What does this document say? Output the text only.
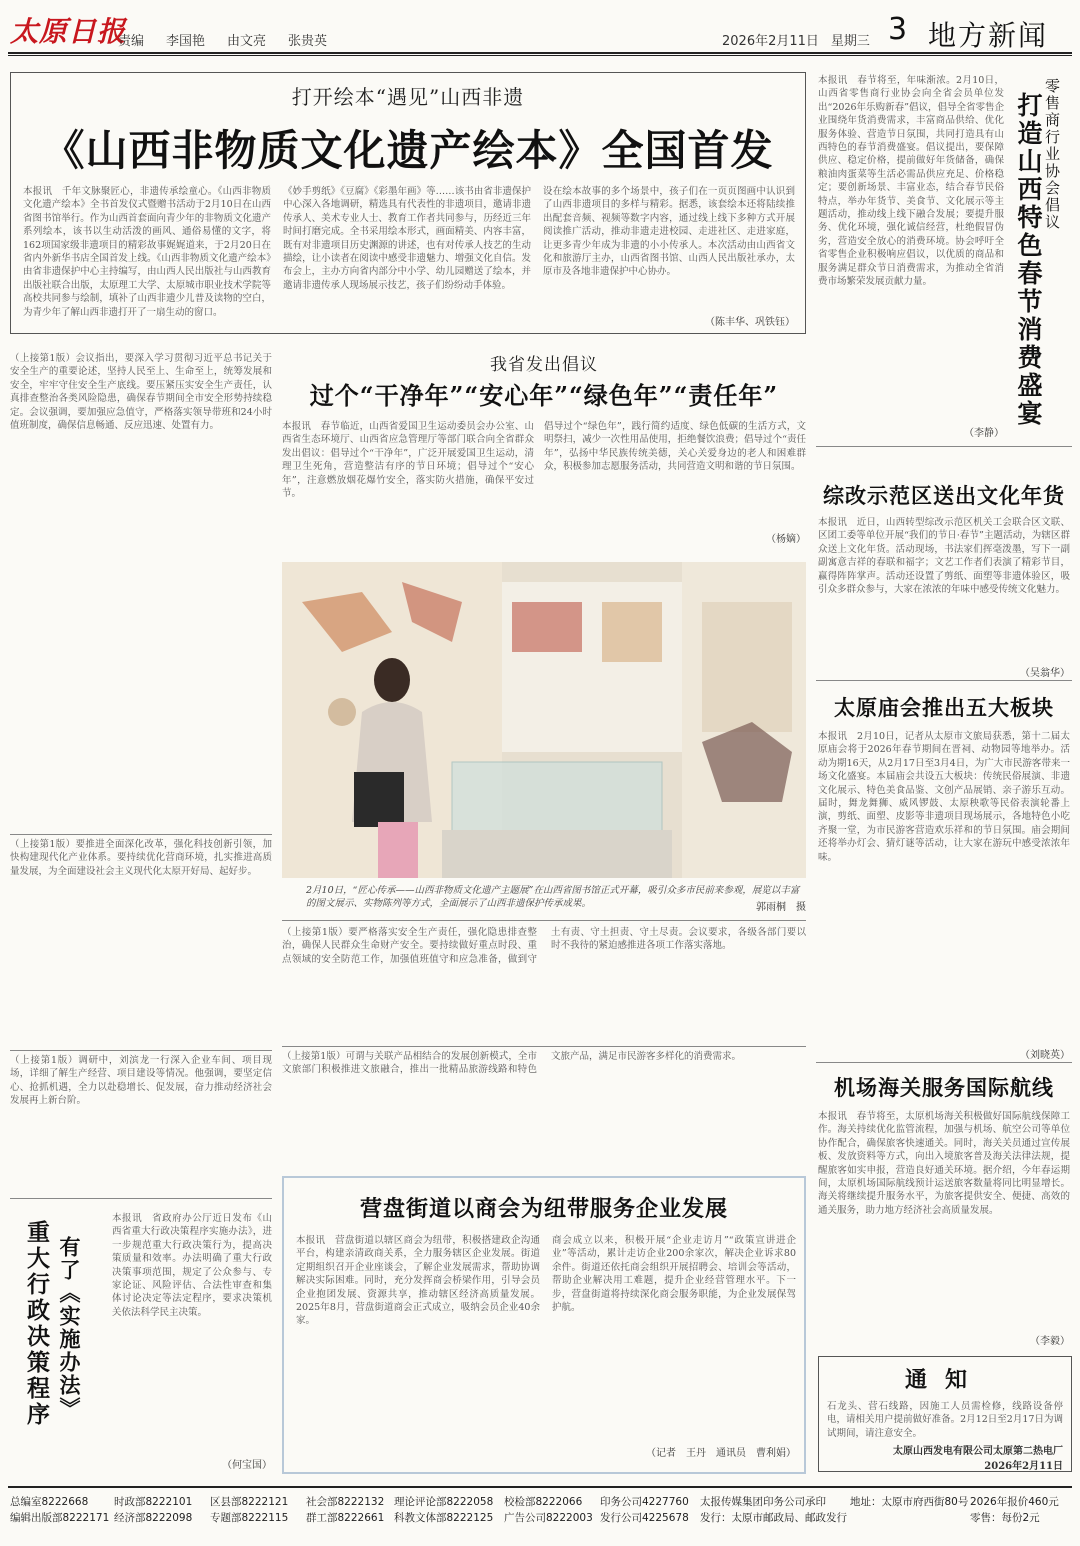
太原日报
责编 李国艳 由文亮 张贵英	2026年2月11日 星期三 3 地方新闻
打开绘本“遇见”山西非遗
《山西非物质文化遗产绘本》全国首发
本报讯　千年文脉聚匠心，非遗传承绘童心。《山西非物质文化遗产绘本》全书首发仪式暨赠书活动于2月10日在山西省图书馆举行。作为山西首套面向青少年的非物质文化遗产系列绘本，该书以生动活泼的画风、通俗易懂的文字，将162项国家级非遗项目的精彩故事娓娓道来，于2月20日在省内外新华书店全国首发上线。《山西非物质文化遗产绘本》由省非遗保护中心主持编写，由山西人民出版社与山西教育出版社联合出版，太原理工大学、太原城市职业技术学院等高校共同参与绘制，填补了山西非遗少儿普及读物的空白，为青少年了解山西非遗打开了一扇生动的窗口。
《妙手剪纸》《豆腐》《彩墨年画》等……该书由省非遗保护中心深入各地调研，精选具有代表性的非遗项目，邀请非遗传承人、美术专业人士、教育工作者共同参与，历经近三年时间打磨完成。全书采用绘本形式，画面精美、内容丰富，既有对非遗项目历史渊源的讲述，也有对传承人技艺的生动描绘，让小读者在阅读中感受非遗魅力、增强文化自信。发布会上，主办方向省内部分中小学、幼儿园赠送了绘本，并邀请非遗传承人现场展示技艺，孩子们纷纷动手体验。
设在绘本故事的多个场景中，孩子们在一页页图画中认识到了山西非遗项目的多样与精彩。据悉，该套绘本还将陆续推出配套音频、视频等数字内容，通过线上线下多种方式开展阅读推广活动，推动非遗走进校园、走进社区、走进家庭，让更多青少年成为非遗的小小传承人。本次活动由山西省文化和旅游厅主办，山西省图书馆、山西人民出版社承办，太原市及各地非遗保护中心协办。
（陈丰华、巩铁钰）
本报讯　春节将至，年味渐浓。2月10日，山西省零售商行业协会向全省会员单位发出“2026年乐购新春”倡议，倡导全省零售企业围绕年货消费需求，丰富商品供给、优化服务体验、营造节日氛围，共同打造具有山西特色的春节消费盛宴。倡议提出，要保障供应、稳定价格，提前做好年货储备，确保粮油肉蛋菜等生活必需品供应充足、价格稳定；要创新场景、丰富业态，结合春节民俗特点，举办年货节、美食节、文化展示等主题活动，推动线上线下融合发展；要提升服务、优化环境，强化诚信经营，杜绝假冒伪劣，营造安全放心的消费环境。协会呼吁全省零售企业积极响应倡议，以优质的商品和服务满足群众节日消费需求，为推动全省消费市场繁荣发展贡献力量。
（李静）
零售商行业协会倡议
打造山西特色春节消费盛宴
综改示范区送出文化年货
本报讯　近日，山西转型综改示范区机关工会联合区文联、区团工委等单位开展“我们的节日·春节”主题活动，为辖区群众送上文化年货。活动现场，书法家们挥毫泼墨，写下一副副寓意吉祥的春联和福字；文艺工作者们表演了精彩节目，赢得阵阵掌声。活动还设置了剪纸、面塑等非遗体验区，吸引众多群众参与，大家在浓浓的年味中感受传统文化魅力。
（吴翁华）
太原庙会推出五大板块
本报讯　2月10日，记者从太原市文旅局获悉，第十二届太原庙会将于2026年春节期间在晋祠、动物园等地举办。活动为期16天，从2月17日至3月4日，为广大市民游客带来一场文化盛宴。本届庙会共设五大板块：传统民俗展演、非遗文化展示、特色美食品鉴、文创产品展销、亲子游乐互动。届时，舞龙舞狮、威风锣鼓、太原秧歌等民俗表演轮番上演，剪纸、面塑、皮影等非遗项目现场展示，各地特色小吃齐聚一堂，为市民游客营造欢乐祥和的节日氛围。庙会期间还将举办灯会、猜灯谜等活动，让大家在游玩中感受浓浓年味。
（刘晓英）
机场海关服务国际航线
本报讯　春节将至，太原机场海关积极做好国际航线保障工作。海关持续优化监管流程，加强与机场、航空公司等单位协作配合，确保旅客快速通关。同时，海关关员通过宣传展板、发放资料等方式，向出入境旅客普及海关法律法规，提醒旅客如实申报，营造良好通关环境。据介绍，今年春运期间，太原机场国际航线预计运送旅客数量将同比明显增长。海关将继续提升服务水平，为旅客提供安全、便捷、高效的通关服务，助力地方经济社会高质量发展。
（李毅）
通知
石龙头、营石线路，因施工人员需检修，线路设备停电，请相关用户提前做好准备。2月12日至2月17日为调试期间，请注意安全。
太原山西发电有限公司太原第二热电厂
2026年2月11日
（上接第1版）会议指出，要深入学习贯彻习近平总书记关于安全生产的重要论述，坚持人民至上、生命至上，统筹发展和安全，牢牢守住安全生产底线。要压紧压实安全生产责任，认真排查整治各类风险隐患，确保春节期间全市安全形势持续稳定。会议强调，要加强应急值守，严格落实领导带班和24小时值班制度，确保信息畅通、反应迅速、处置有力。
（上接第1版）要推进全面深化改革，强化科技创新引领，加快构建现代化产业体系。要持续优化营商环境，扎实推进高质量发展，为全面建设社会主义现代化太原开好局、起好步。
（上接第1版）调研中，刘滨龙一行深入企业车间、项目现场，详细了解生产经营、项目建设等情况。他强调，要坚定信心、抢抓机遇，全力以赴稳增长、促发展，奋力推动经济社会发展再上新台阶。
有了《实施办法》
重大行政决策程序
本报讯　省政府办公厅近日发布《山西省重大行政决策程序实施办法》，进一步规范重大行政决策行为，提高决策质量和效率。办法明确了重大行政决策事项范围，规定了公众参与、专家论证、风险评估、合法性审查和集体讨论决定等法定程序，要求决策机关依法科学民主决策。
（何宝国）
我省发出倡议
过个“干净年”“安心年”“绿色年”“责任年”
本报讯　春节临近，山西省爱国卫生运动委员会办公室、山西省生态环境厅、山西省应急管理厅等部门联合向全省群众发出倡议：倡导过个“干净年”，广泛开展爱国卫生运动，清理卫生死角，营造整洁有序的节日环境；倡导过个“安心年”，注意燃放烟花爆竹安全，落实防火措施，确保平安过节。
倡导过个“绿色年”，践行简约适度、绿色低碳的生活方式，文明祭扫，减少一次性用品使用，拒绝餐饮浪费；倡导过个“责任年”，弘扬中华民族传统美德，关心关爱身边的老人和困难群众，积极参加志愿服务活动，共同营造文明和谐的节日氛围。
（杨嫡）
2月10日，“匠心传承——山西非物质文化遗产主题展”在山西省图书馆正式开幕，吸引众多市民前来参观，展览以丰富的图文展示、实物陈列等方式，全面展示了山西非遗保护传承成果。	郭雨桐　摄
（上接第1版）要严格落实安全生产责任，强化隐患排查整治，确保人民群众生命财产安全。要持续做好重点时段、重点领域的安全防范工作，加强值班值守和应急准备，做到守土有责、守土担责、守土尽责。会议要求，各级各部门要以时不我待的紧迫感推进各项工作落实落地。
（上接第1版）可谓与关联产品相结合的发展创新模式，全市文旅部门积极推进文旅融合，推出一批精品旅游线路和特色文旅产品，满足市民游客多样化的消费需求。
营盘街道以商会为纽带服务企业发展
本报讯　营盘街道以辖区商会为纽带，积极搭建政企沟通平台，构建亲清政商关系，全力服务辖区企业发展。街道定期组织召开企业座谈会，了解企业发展需求，帮助协调解决实际困难。同时，充分发挥商会桥梁作用，引导会员企业抱团发展、资源共享，推动辖区经济高质量发展。2025年8月，营盘街道商会正式成立，吸纳会员企业40余家。
商会成立以来，积极开展“企业走访月”“政策宣讲进企业”等活动，累计走访企业200余家次，解决企业诉求80余件。街道还依托商会组织开展招聘会、培训会等活动，帮助企业解决用工难题，提升企业经营管理水平。下一步，营盘街道将持续深化商会服务职能，为企业发展保驾护航。
（记者　王丹　通讯员　曹利娟）
总编室8222668
编辑出版部8222171
时政部8222101
经济部8222098
区县部8222121
专题部8222115
社会部8222132
群工部8222661
理论评论部8222058
科教文体部8222125
校检部8222066
广告公司8222003
印务公司4227760
发行公司4225678
太报传媒集团印务公司承印
发行：太原市邮政局、邮政发行
地址：太原市府西街80号 2026年报价460元
零售：每份2元
